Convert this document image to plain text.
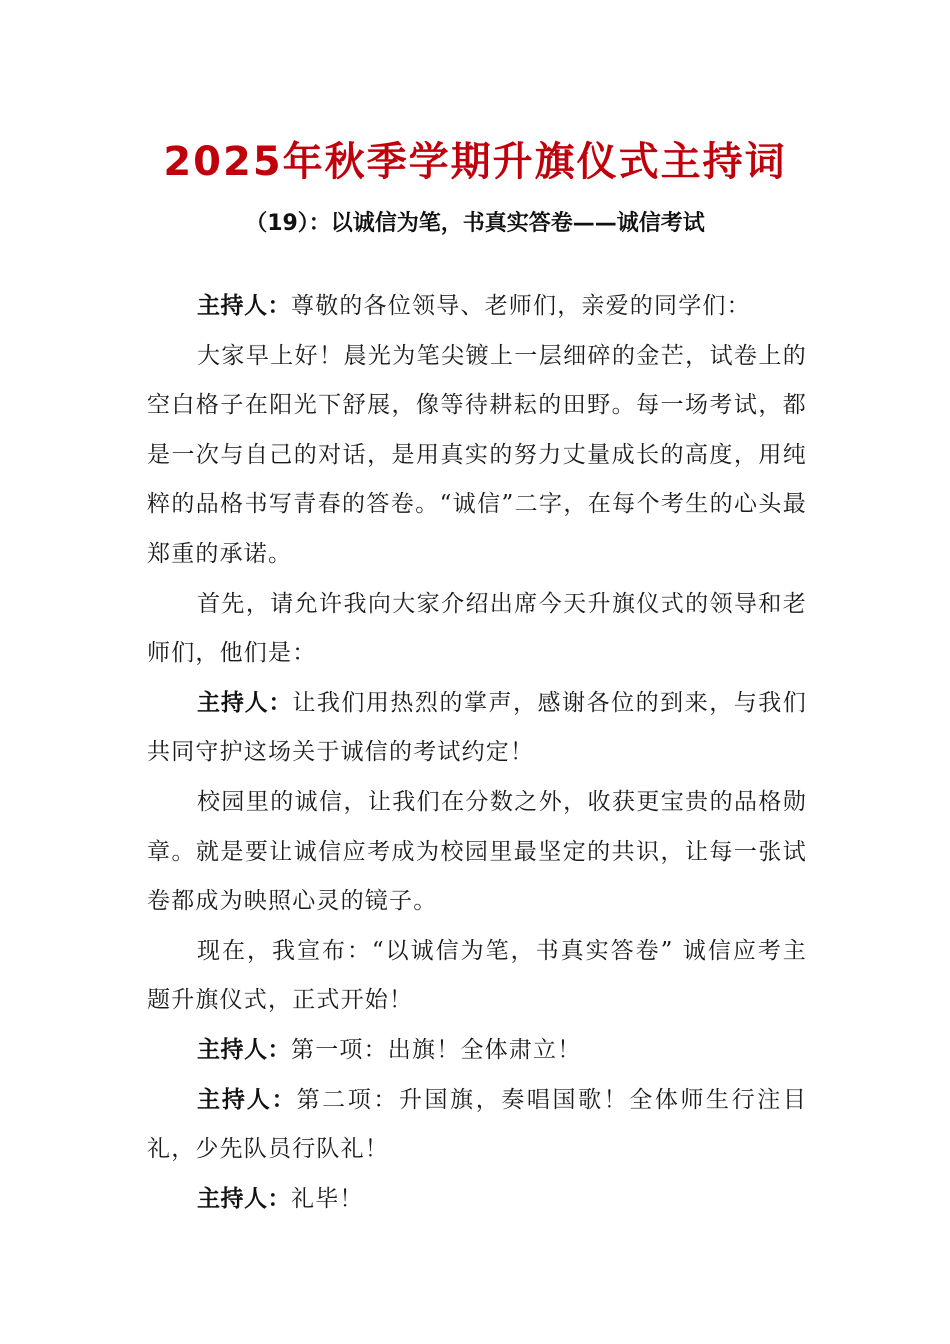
2025年秋季学期升旗仪式主持词
（19）：以诚信为笔，书真实答卷——诚信考试

主持人：尊敬的各位领导、老师们，亲爱的同学们：

大家早上好！晨光为笔尖镀上一层细碎的金芒，试卷上的空白格子在阳光下舒展，像等待耕耘的田野。每一场考试，都是一次与自己的对话，是用真实的努力丈量成长的高度，用纯粹的品格书写青春的答卷。“诚信”二字，在每个考生的心头最郑重的承诺。

首先，请允许我向大家介绍出席今天升旗仪式的领导和老师们，他们是：

主持人：让我们用热烈的掌声，感谢各位的到来，与我们共同守护这场关于诚信的考试约定！

校园里的诚信，让我们在分数之外，收获更宝贵的品格勋章。就是要让诚信应考成为校园里最坚定的共识，让每一张试卷都成为映照心灵的镜子。

现在，我宣布：“以诚信为笔，书真实答卷” 诚信应考主题升旗仪式，正式开始！

主持人：第一项：出旗！全体肃立！

主持人：第二项：升国旗，奏唱国歌！全体师生行注目礼，少先队员行队礼！

主持人：礼毕！
